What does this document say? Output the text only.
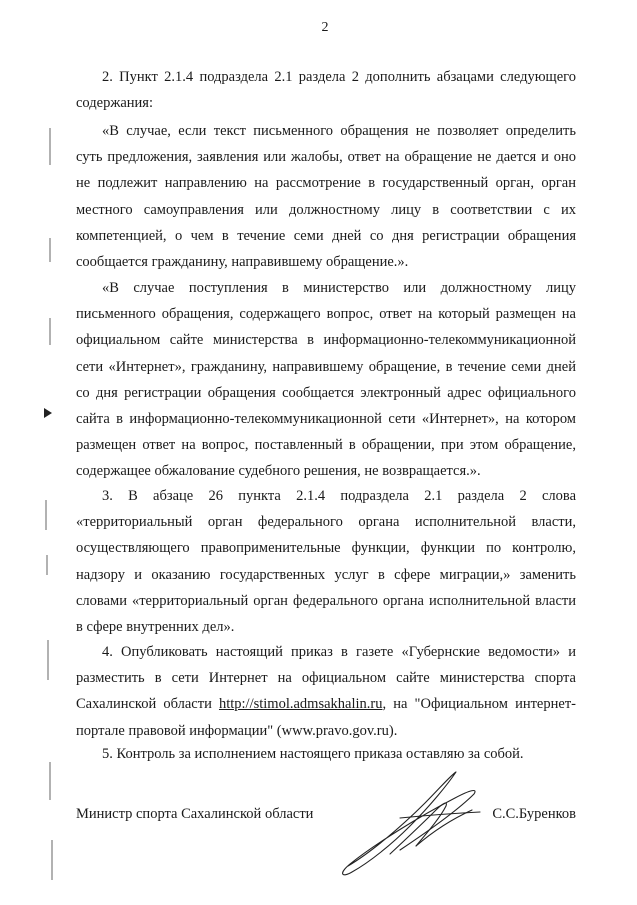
2

2. Пункт 2.1.4 подраздела 2.1 раздела 2 дополнить абзацами следующего содержания:

«В случае, если текст письменного обращения не позволяет определить суть предложения, заявления или жалобы, ответ на обращение не дается и оно не подлежит направлению на рассмотрение в государственный орган, орган местного самоуправления или должностному лицу в соответствии с их компетенцией, о чем в течение семи дней со дня регистрации обращения сообщается гражданину, направившему обращение.».

«В случае поступления в министерство или должностному лицу письменного обращения, содержащего вопрос, ответ на который размещен на официальном сайте министерства в информационно-телекоммуникационной сети «Интернет», гражданину, направившему обращение, в течение семи дней со дня регистрации обращения сообщается электронный адрес официального сайта в информационно-телекоммуникационной сети «Интернет», на котором размещен ответ на вопрос, поставленный в обращении, при этом обращение, содержащее обжалование судебного решения, не возвращается.».

3. В абзаце 26 пункта 2.1.4 подраздела 2.1 раздела 2 слова «территориальный орган федерального органа исполнительной власти, осуществляющего правоприменительные функции, функции по контролю, надзору и оказанию государственных услуг в сфере миграции,» заменить словами «территориальный орган федерального органа исполнительной власти в сфере внутренних дел».

4. Опубликовать настоящий приказ в газете «Губернские ведомости» и разместить в сети Интернет на официальном сайте министерства спорта Сахалинской области http://stimol.admsakhalin.ru, на "Официальном интернет-портале правовой информации" (www.pravo.gov.ru).

5. Контроль за исполнением настоящего приказа оставляю за собой.

Министр спорта Сахалинской области	С.С.Буренков
